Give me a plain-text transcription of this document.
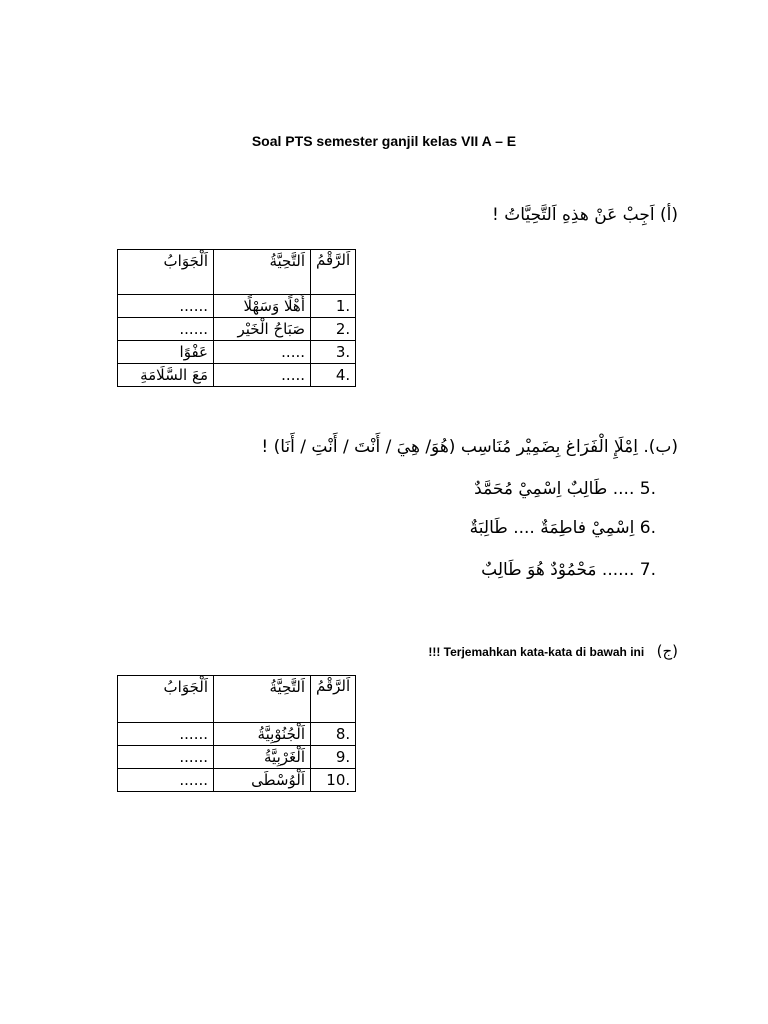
Soal PTS semester ganjil kelas VII A – E
(أ) اَجِبْ عَنْ هذِهِ اَلتَّحِيَّاتُ !
اَلرَّقْمُ	اَلتَّحِيَّةُ	اَلْجَوَابُ
.1	أَهْلًا وَسَهْلًا	......
.2	صَبَاحُ الْخَيْر	......
.3	.....	عَفْوًا
.4	.....	مَعَ السَّلَامَةِ
(ب). اِمْلَإِ الْفَرَاغ بِضَمِيْر مُنَاسِب (هُوَ/ هِيَ / أَنْتَ / أَنْتِ / أَنَا) !
.5 .... طَالِبٌ اِسْمِيْ مُحَمَّدٌ
.6 اِسْمِيْ فاطِمَةٌ .... طَالِبَةٌ
.7 ...... مَحْمُوْدٌ هُوَ طَالِبٌ
(ج)   !!! Terjemahkan kata-kata di bawah ini
اَلرَّقْمُ	اَلتَّحِيَّةُ	اَلْجَوَابُ
.8	اَلْجُنُوْبِيَّةُ	......
.9	اَلْغَرْبِيَّةُ	......
.10	اَلْوُسْطَى	......
